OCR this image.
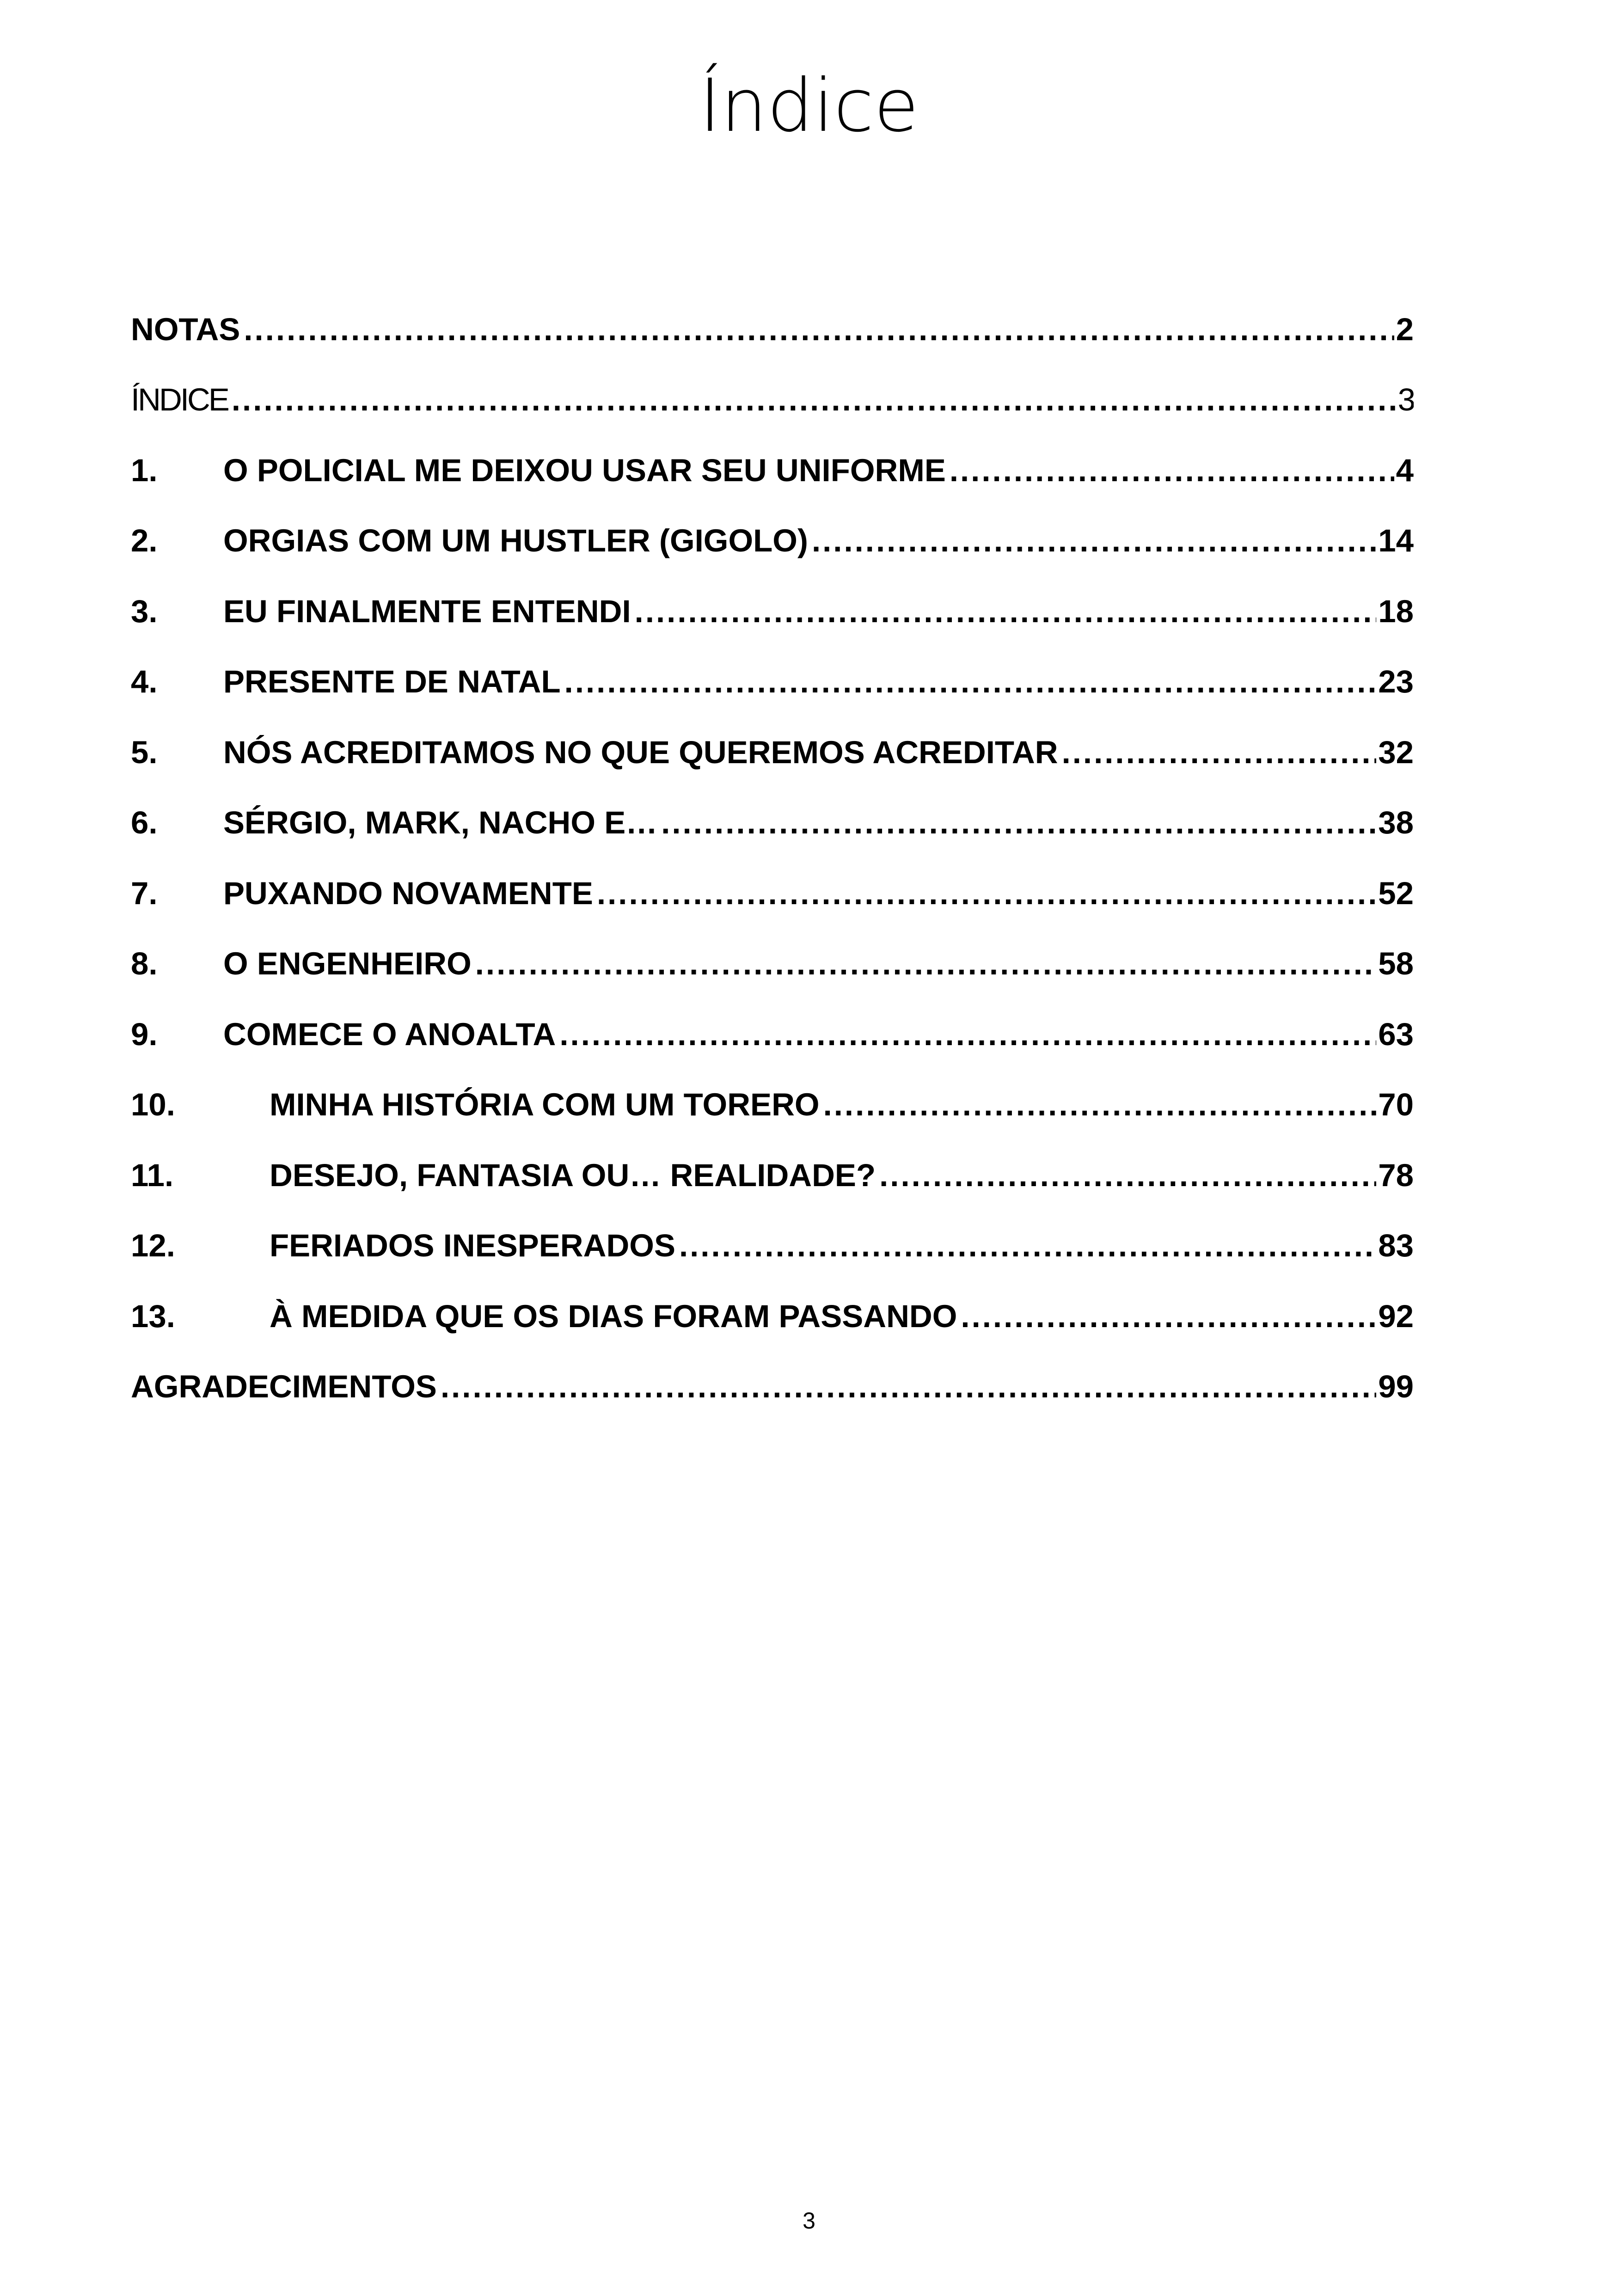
Índice
NOTAS .....	2
ÍNDICE .....	3
1.	O POLICIAL ME DEIXOU USAR SEU UNIFORME .....	4
2.	ORGIAS COM UM HUSTLER (GIGOLO) .....	14
3.	EU FINALMENTE ENTENDI .....	18
4.	PRESENTE DE NATAL .....	23
5.	NÓS ACREDITAMOS NO QUE QUEREMOS ACREDITAR .....	32
6.	SÉRGIO, MARK, NACHO E… .....	38
7.	PUXANDO NOVAMENTE .....	52
8.	O ENGENHEIRO .....	58
9.	COMECE O ANOALTA .....	63
10.	MINHA HISTÓRIA COM UM TORERO .....	70
11.	DESEJO, FANTASIA OU… REALIDADE? .....	78
12.	FERIADOS INESPERADOS .....	83
13.	À MEDIDA QUE OS DIAS FORAM PASSANDO .....	92
AGRADECIMENTOS .....	99
3
